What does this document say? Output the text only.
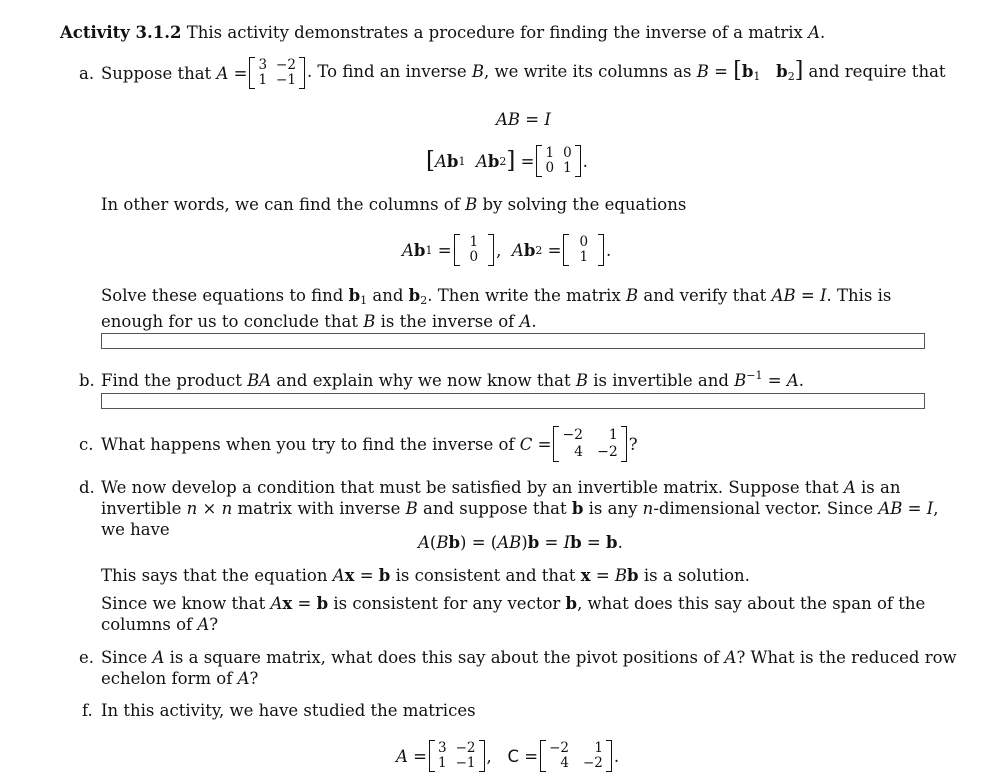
Activity 3.1.2 This activity demonstrates a procedure for finding the inverse of a matrix A.
a. Suppose that A = 3 −2
1 −1 . To find an inverse B, we write its columns as $B = [b_1$ $b_2$] and require that
AB = I
[ A b 1
A b 2 ] = 1 0
0 1 .
In other words, we can find the columns of B by solving the equations
A b 1 = 1
0 , A b 2 = 0
1 .
Solve these equations to find $b_1$ and $b_2$. Then write the matrix B and verify that AB = I. This is enough for us to conclude that B is the inverse of A.
b. Find the product BA and explain why we now know that B is invertible and $B^{-1} = A$.
c. What happens when you try to find the inverse of C = −2	1
4 −2 ?
d. We now develop a condition that must be satisfied by an invertible matrix. Suppose that A is an invertible n × n matrix with inverse B and suppose that b is any n-dimensional vector. Since AB = I, we have
A(Bb) = (AB)b = Ib = b.
This says that the equation Ax = b is consistent and that x = Bb is a solution.
Since we know that Ax = b is consistent for any vector b, what does this say about the span of the columns of A?
e. Since A is a square matrix, what does this say about the pivot positions of A? What is the reduced row echelon form of A?
f. In this activity, we have studied the matrices
A = 3 −2
1 −1 , C = −2	1
4 −2 .
